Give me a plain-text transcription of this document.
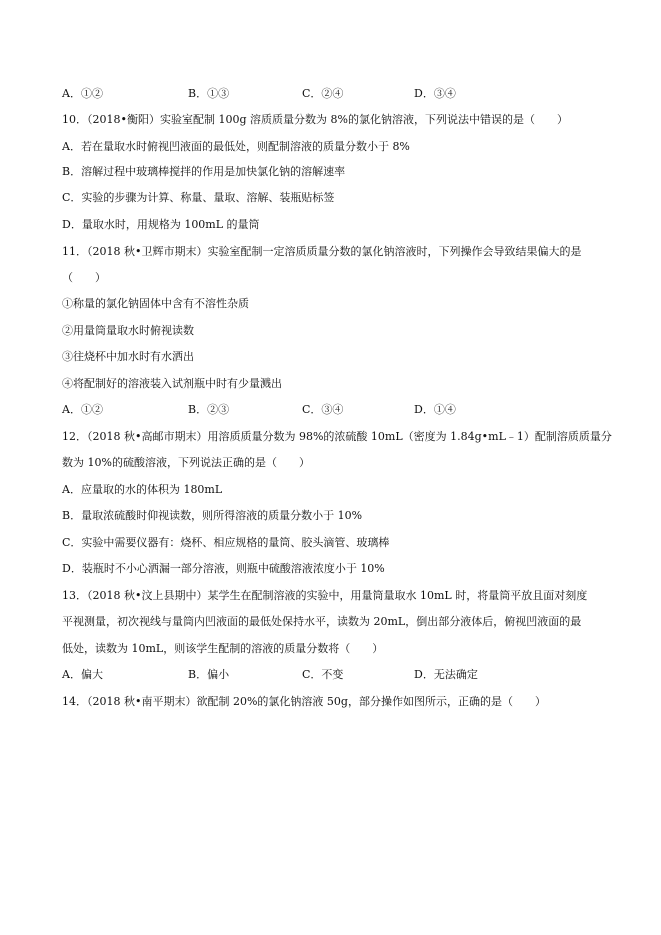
A．①②	B．①③	C．②④	D．③④
10．（2018•衡阳）实验室配制 100g 溶质质量分数为 8%的氯化钠溶液，下列说法中错误的是（　　）
A．若在量取水时俯视凹液面的最低处，则配制溶液的质量分数小于 8%
B．溶解过程中玻璃棒搅拌的作用是加快氯化钠的溶解速率
C．实验的步骤为计算、称量、量取、溶解、装瓶贴标签
D．量取水时，用规格为 100mL 的量筒
11．（2018 秋•卫辉市期末）实验室配制一定溶质质量分数的氯化钠溶液时，下列操作会导致结果偏大的是
（　　）
①称量的氯化钠固体中含有不溶性杂质
②用量筒量取水时俯视读数
③往烧杯中加水时有水洒出
④将配制好的溶液装入试剂瓶中时有少量溅出
A．①②	B．②③	C．③④	D．①④
12．（2018 秋•高邮市期末）用溶质质量分数为 98%的浓硫酸 10mL（密度为 1.84g•mL﹣1）配制溶质质量分
数为 10%的硫酸溶液，下列说法正确的是（　　）
A．应量取的水的体积为 180mL
B．量取浓硫酸时仰视读数，则所得溶液的质量分数小于 10%
C．实验中需要仪器有：烧杯、相应规格的量筒、胶头滴管、玻璃棒
D．装瓶时不小心洒漏一部分溶液，则瓶中硫酸溶液浓度小于 10%
13．（2018 秋•汶上县期中）某学生在配制溶液的实验中，用量筒量取水 10mL 时，将量筒平放且面对刻度
平视测量，初次视线与量筒内凹液面的最低处保持水平，读数为 20mL，倒出部分液体后，俯视凹液面的最
低处，读数为 10mL，则该学生配制的溶液的质量分数将（　　）
A．偏大	B．偏小	C．不变	D．无法确定
14．（2018 秋•南平期末）欲配制 20%的氯化钠溶液 50g，部分操作如图所示，正确的是（　　）
